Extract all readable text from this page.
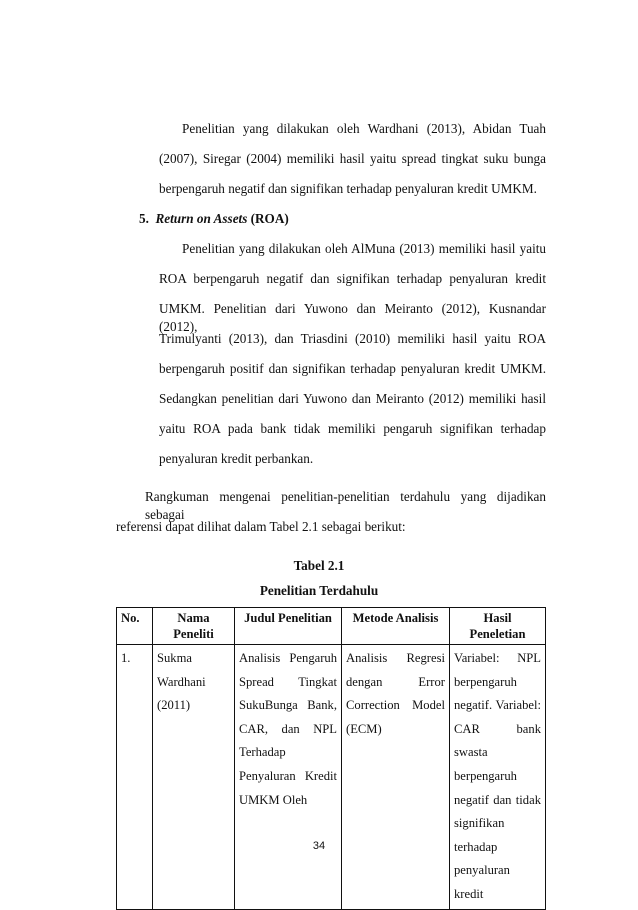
Penelitian yang dilakukan oleh Wardhani (2013), Abidan Tuah
(2007), Siregar (2004) memiliki hasil yaitu spread tingkat suku bunga
berpengaruh negatif dan signifikan terhadap penyaluran kredit UMKM.
5. Return on Assets (ROA)
Penelitian yang dilakukan oleh AlMuna (2013) memiliki hasil yaitu
ROA berpengaruh negatif dan signifikan terhadap penyaluran kredit
UMKM. Penelitian dari Yuwono dan Meiranto (2012), Kusnandar (2012),
Trimulyanti (2013), dan Triasdini (2010) memiliki hasil yaitu ROA
berpengaruh positif dan signifikan terhadap penyaluran kredit UMKM.
Sedangkan penelitian dari Yuwono dan Meiranto (2012) memiliki hasil
yaitu ROA pada bank tidak memiliki pengaruh signifikan terhadap
penyaluran kredit perbankan.
Rangkuman mengenai penelitian-penelitian terdahulu yang dijadikan sebagai
referensi dapat dilihat dalam Tabel 2.1 sebagai berikut:
Tabel 2.1
Penelitian Terdahulu
No.	Nama Peneliti	Judul Penelitian	Metode Analisis	Hasil Peneletian
1.	Sukma Wardhani (2011)	Analisis Pengaruh Spread Tingkat SukuBunga Bank, CAR, dan NPL Terhadap Penyaluran Kredit UMKM Oleh	Analisis Regresi dengan Error Correction Model (ECM)	Variabel: NPL berpengaruh negatif. Variabel: CAR bank swasta berpengaruh negatif dan tidak signifikan terhadap penyaluran kredit
34
